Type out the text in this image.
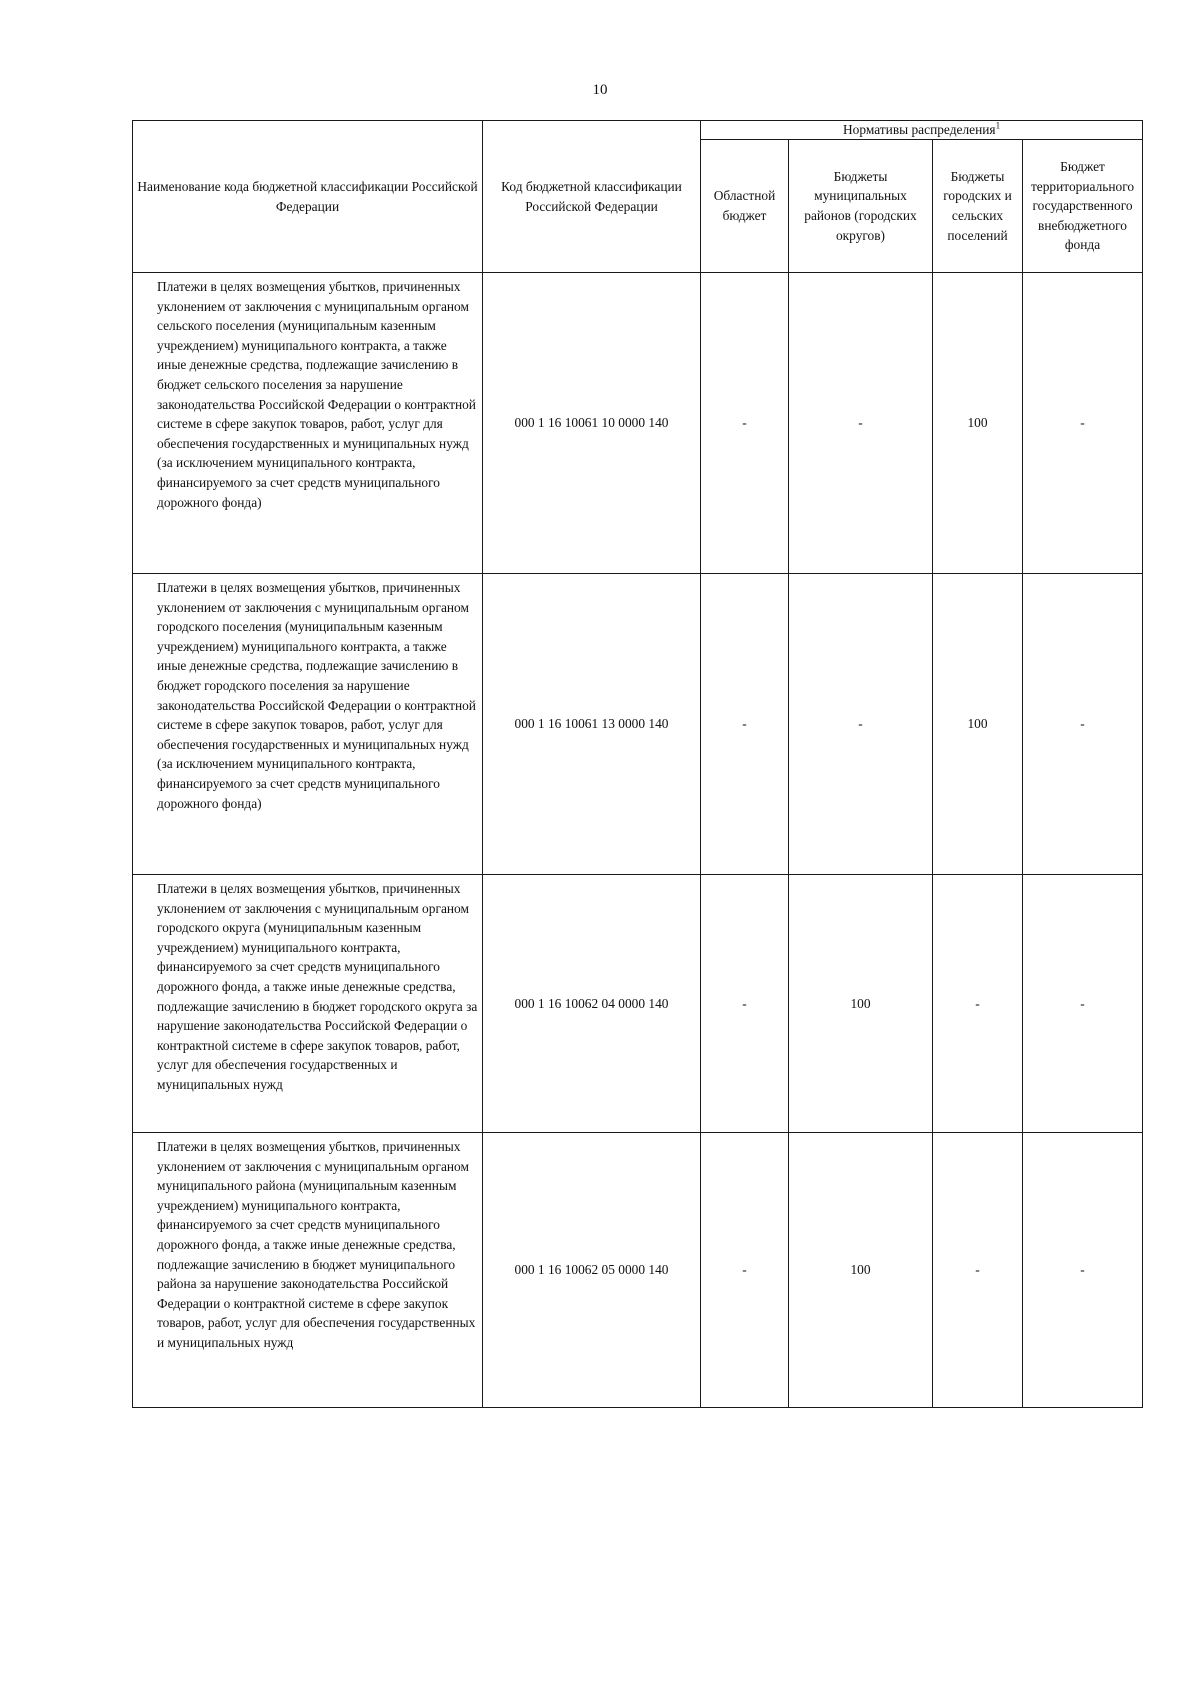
10
Наименование кода бюджетной классификации Российской Федерации	Код бюджетной классификации Российской Федерации	Нормативы распределения$^1$
		Областной бюджет	Бюджеты муниципальных районов (городских округов)	Бюджеты городских и сельских поселений	Бюджет территориального государственного внебюджетного фонда
Платежи в целях возмещения убытков, причиненных уклонением от заключения с муниципальным органом сельского поселения (муниципальным казенным учреждением) муниципального контракта, а также иные денежные средства, подлежащие зачислению в бюджет сельского поселения за нарушение законодательства Российской Федерации о контрактной системе в сфере закупок товаров, работ, услуг для обеспечения государственных и муниципальных нужд (за исключением муниципального контракта, финансируемого за счет средств муниципального дорожного фонда)	000 1 16 10061 10 0000 140	-	-	100	-
Платежи в целях возмещения убытков, причиненных уклонением от заключения с муниципальным органом городского поселения (муниципальным казенным учреждением) муниципального контракта, а также иные денежные средства, подлежащие зачислению в бюджет городского поселения за нарушение законодательства Российской Федерации о контрактной системе в сфере закупок товаров, работ, услуг для обеспечения государственных и муниципальных нужд (за исключением муниципального контракта, финансируемого за счет средств муниципального дорожного фонда)	000 1 16 10061 13 0000 140	-	-	100	-
Платежи в целях возмещения убытков, причиненных уклонением от заключения с муниципальным органом городского округа (муниципальным казенным учреждением) муниципального контракта, финансируемого за счет средств муниципального дорожного фонда, а также иные денежные средства, подлежащие зачислению в бюджет городского округа за нарушение законодательства Российской Федерации о контрактной системе в сфере закупок товаров, работ, услуг для обеспечения государственных и муниципальных нужд	000 1 16 10062 04 0000 140	-	100	-	-
Платежи в целях возмещения убытков, причиненных уклонением от заключения с муниципальным органом муниципального района (муниципальным казенным учреждением) муниципального контракта, финансируемого за счет средств муниципального дорожного фонда, а также иные денежные средства, подлежащие зачислению в бюджет муниципального района за нарушение законодательства Российской Федерации о контрактной системе в сфере закупок товаров, работ, услуг для обеспечения государственных и муниципальных нужд	000 1 16 10062 05 0000 140	-	100	-	-
